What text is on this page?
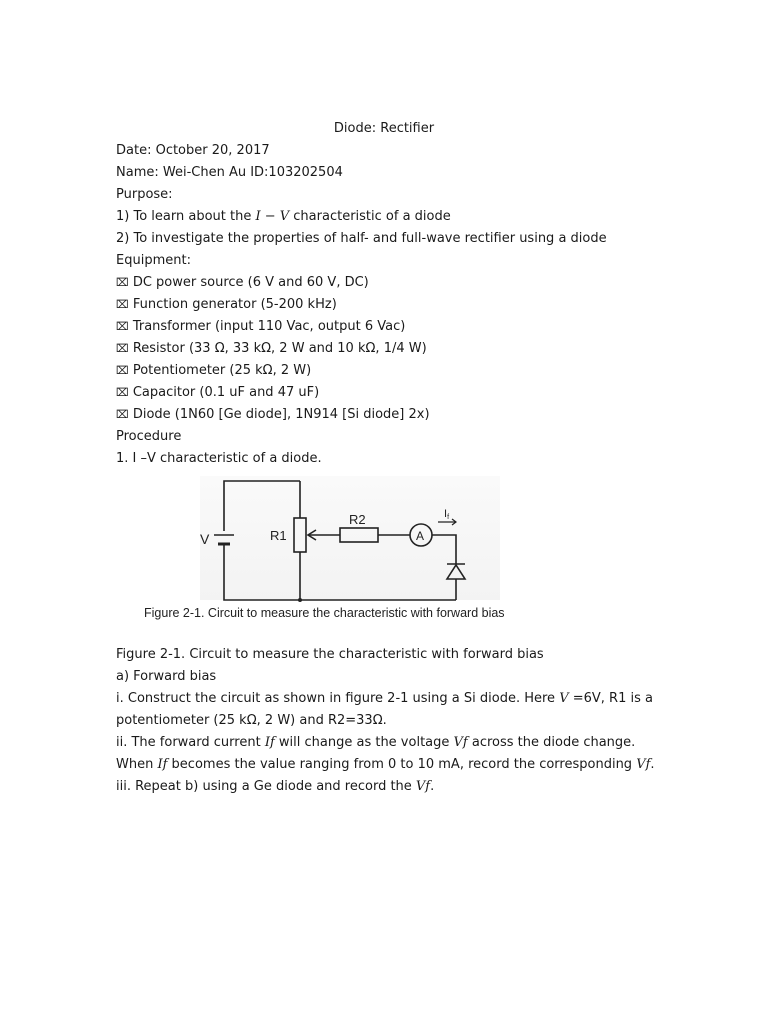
Diode: Rectifier
Date: October 20, 2017
Name: Wei-Chen Au ID:103202504
Purpose:
1) To learn about the I − V characteristic of a diode
2) To investigate the properties of half- and full-wave rectifier using a diode
Equipment:
⌧ DC power source (6 V and 60 V, DC)
⌧ Function generator (5-200 kHz)
⌧ Transformer (input 110 Vac, output 6 Vac)
⌧ Resistor (33 Ω, 33 kΩ, 2 W and 10 kΩ, 1/4 W)
⌧ Potentiometer (25 kΩ, 2 W)
⌧ Capacitor (0.1 uF and 47 uF)
⌧ Diode (1N60 [Ge diode], 1N914 [Si diode] 2x)
Procedure
1. I –V characteristic of a diode.
V	R1
R2
A
If
Figure 2-1. Circuit to measure the characteristic with forward bias
Figure 2-1. Circuit to measure the characteristic with forward bias
a) Forward bias
i. Construct the circuit as shown in figure 2-1 using a Si diode. Here V =6V, R1 is a
potentiometer (25 kΩ, 2 W) and R2=33Ω.
ii. The forward current If will change as the voltage Vf across the diode change.
When If becomes the value ranging from 0 to 10 mA, record the corresponding Vf.
iii. Repeat b) using a Ge diode and record the Vf.
